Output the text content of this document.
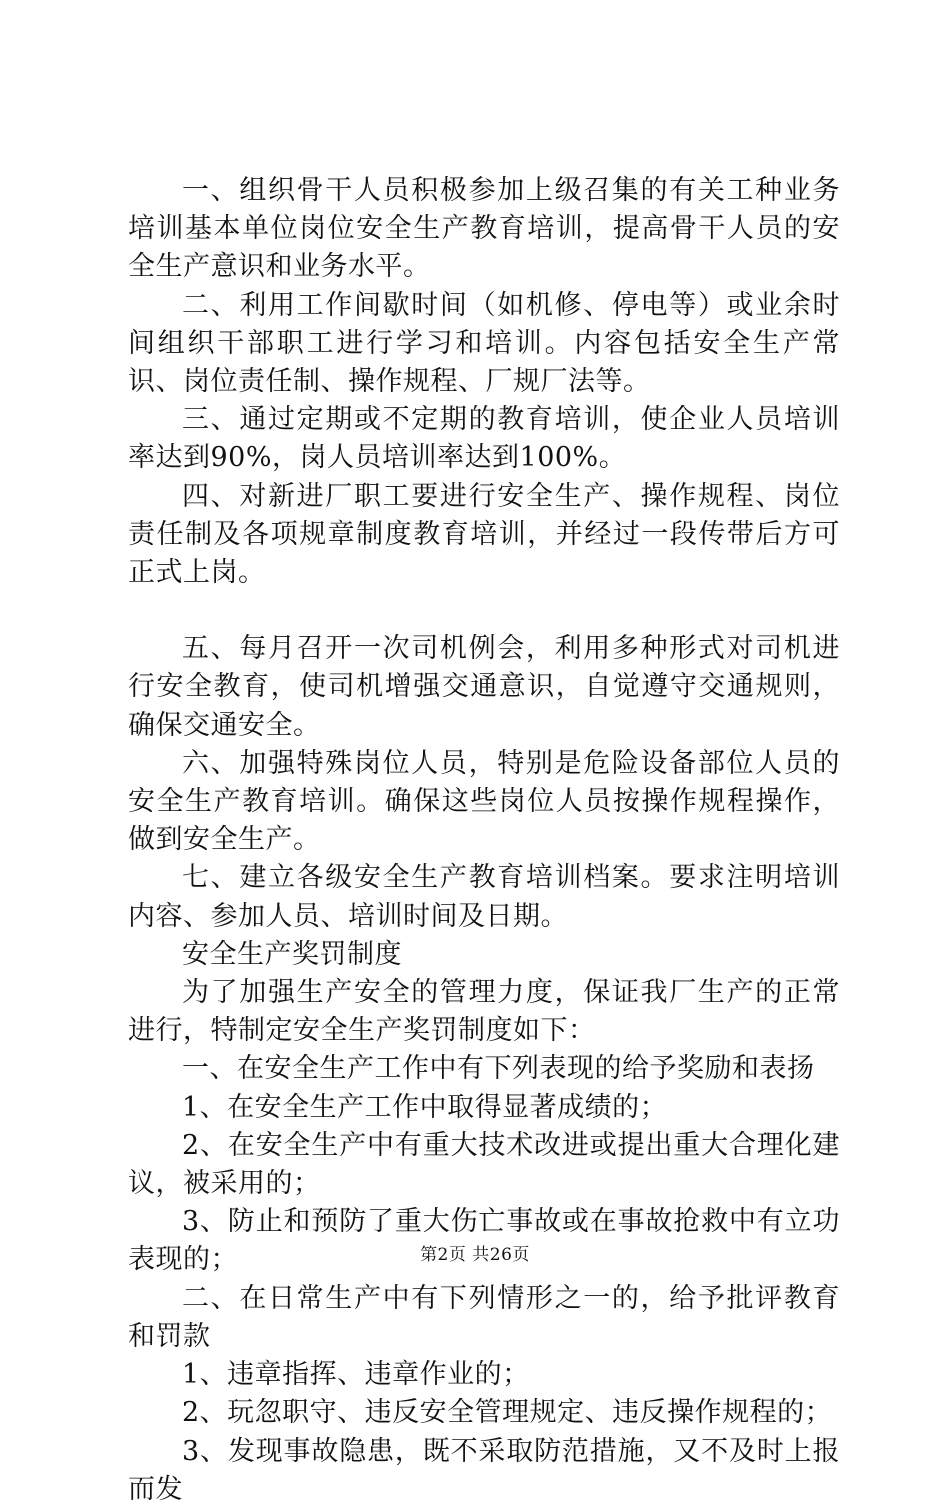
一、组织骨干人员积极参加上级召集的有关工种业务培训基本单位岗位安全生产教育培训，提高骨干人员的安全生产意识和业务水平。

二、利用工作间歇时间（如机修、停电等）或业余时间组织干部职工进行学习和培训。内容包括安全生产常识、岗位责任制、操作规程、厂规厂法等。

三、通过定期或不定期的教育培训，使企业人员培训率达到90%，岗人员培训率达到100%。

四、对新进厂职工要进行安全生产、操作规程、岗位责任制及各项规章制度教育培训，并经过一段传带后方可正式上岗。

五、每月召开一次司机例会，利用多种形式对司机进行安全教育，使司机增强交通意识，自觉遵守交通规则，确保交通安全。

六、加强特殊岗位人员，特别是危险设备部位人员的安全生产教育培训。确保这些岗位人员按操作规程操作，做到安全生产。

七、建立各级安全生产教育培训档案。要求注明培训内容、参加人员、培训时间及日期。

安全生产奖罚制度

为了加强生产安全的管理力度，保证我厂生产的正常进行，特制定安全生产奖罚制度如下：

一、在安全生产工作中有下列表现的给予奖励和表扬

1、在安全生产工作中取得显著成绩的；

2、在安全生产中有重大技术改进或提出重大合理化建议，被采用的；

3、防止和预防了重大伤亡事故或在事故抢救中有立功表现的；

二、在日常生产中有下列情形之一的，给予批评教育和罚款

1、违章指挥、违章作业的；

2、玩忽职守、违反安全管理规定、违反操作规程的；

3、发现事故隐患，既不采取防范措施，又不及时上报而发

第2页 共26页
